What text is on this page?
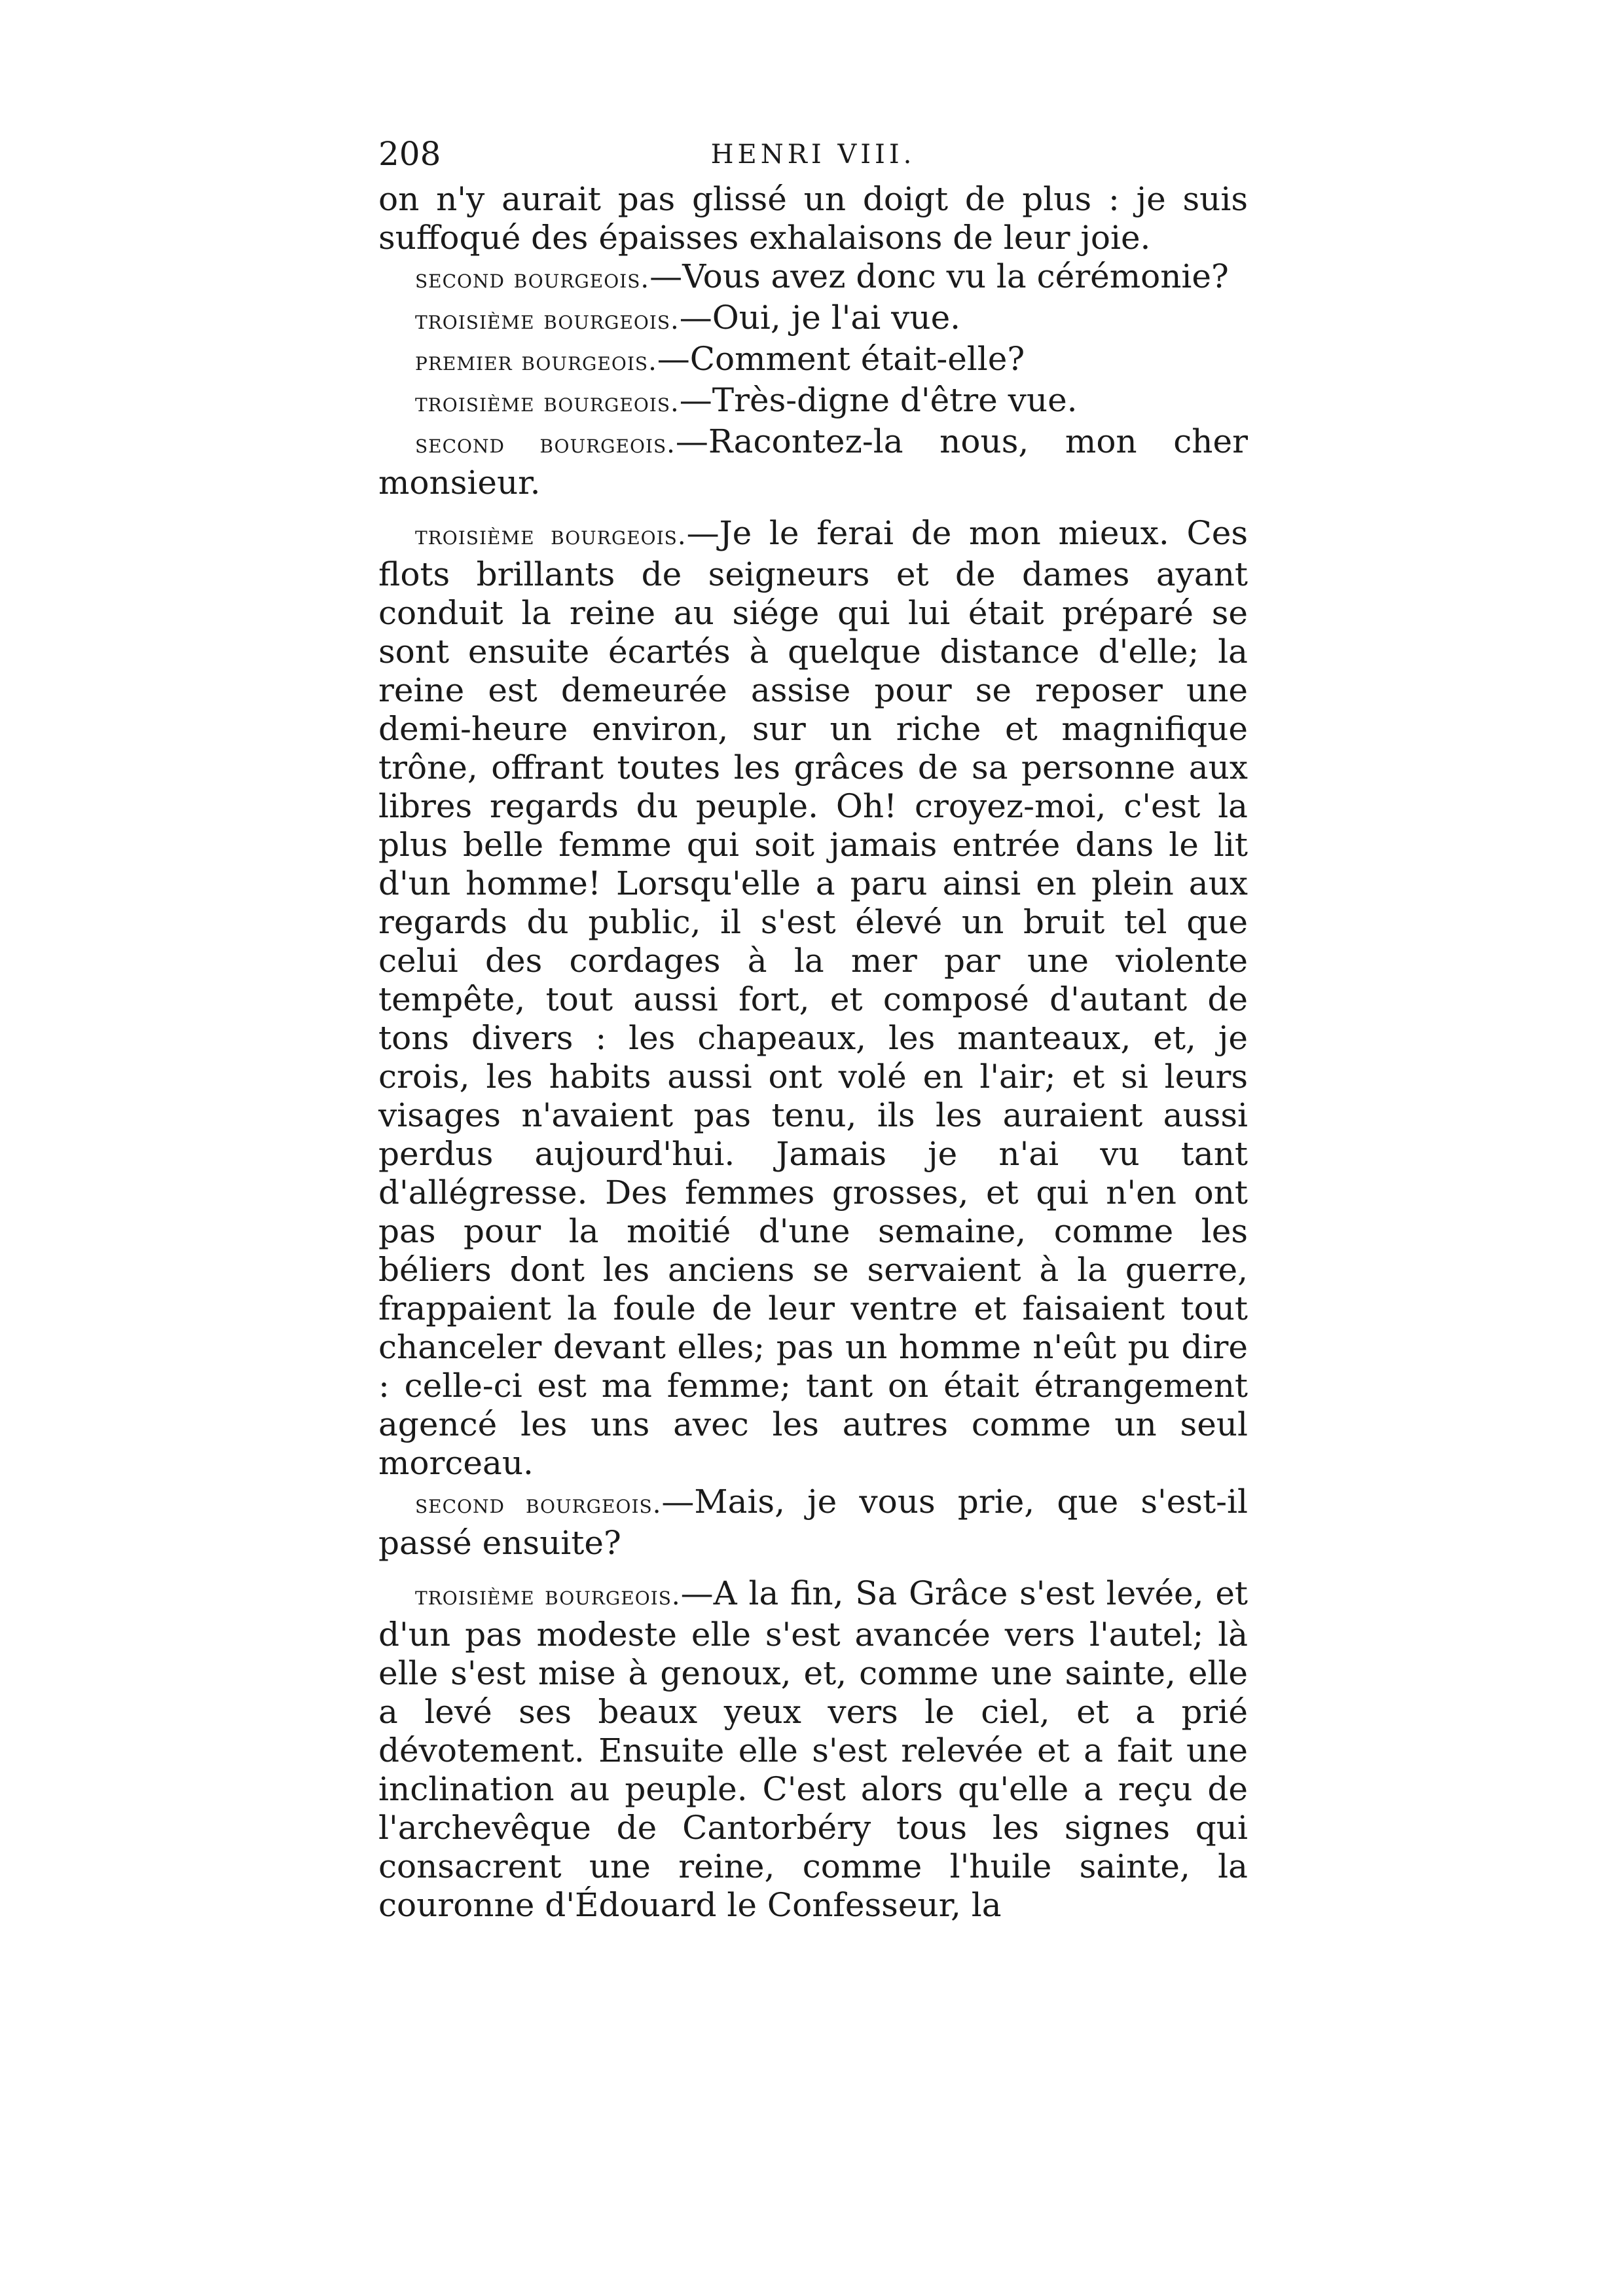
208	HENRI VIII.

on n'y aurait pas glissé un doigt de plus : je suis suffoqué des épaisses exhalaisons de leur joie.

second bourgeois.—Vous avez donc vu la cérémonie?

troisième bourgeois.—Oui, je l'ai vue.

premier bourgeois.—Comment était-elle?

troisième bourgeois.—Très-digne d'être vue.

second bourgeois.—Racontez-la nous, mon cher monsieur.

troisième bourgeois.—Je le ferai de mon mieux. Ces flots brillants de seigneurs et de dames ayant conduit la reine au siége qui lui était préparé se sont ensuite écartés à quelque distance d'elle; la reine est demeurée assise pour se reposer une demi-heure environ, sur un riche et magnifique trône, offrant toutes les grâces de sa personne aux libres regards du peuple. Oh! croyez-moi, c'est la plus belle femme qui soit jamais entrée dans le lit d'un homme! Lorsqu'elle a paru ainsi en plein aux regards du public, il s'est élevé un bruit tel que celui des cordages à la mer par une violente tempête, tout aussi fort, et composé d'autant de tons divers : les chapeaux, les manteaux, et, je crois, les habits aussi ont volé en l'air; et si leurs visages n'avaient pas tenu, ils les auraient aussi perdus aujourd'hui. Jamais je n'ai vu tant d'allégresse. Des femmes grosses, et qui n'en ont pas pour la moitié d'une semaine, comme les béliers dont les anciens se servaient à la guerre, frappaient la foule de leur ventre et faisaient tout chanceler devant elles; pas un homme n'eût pu dire : celle-ci est ma femme; tant on était étrangement agencé les uns avec les autres comme un seul morceau.

second bourgeois.—Mais, je vous prie, que s'est-il passé ensuite?

troisième bourgeois.—A la fin, Sa Grâce s'est levée, et d'un pas modeste elle s'est avancée vers l'autel; là elle s'est mise à genoux, et, comme une sainte, elle a levé ses beaux yeux vers le ciel, et a prié dévotement. Ensuite elle s'est relevée et a fait une inclination au peuple. C'est alors qu'elle a reçu de l'archevêque de Cantorbéry tous les signes qui consacrent une reine, comme l'huile sainte, la couronne d'Édouard le Confesseur, la
